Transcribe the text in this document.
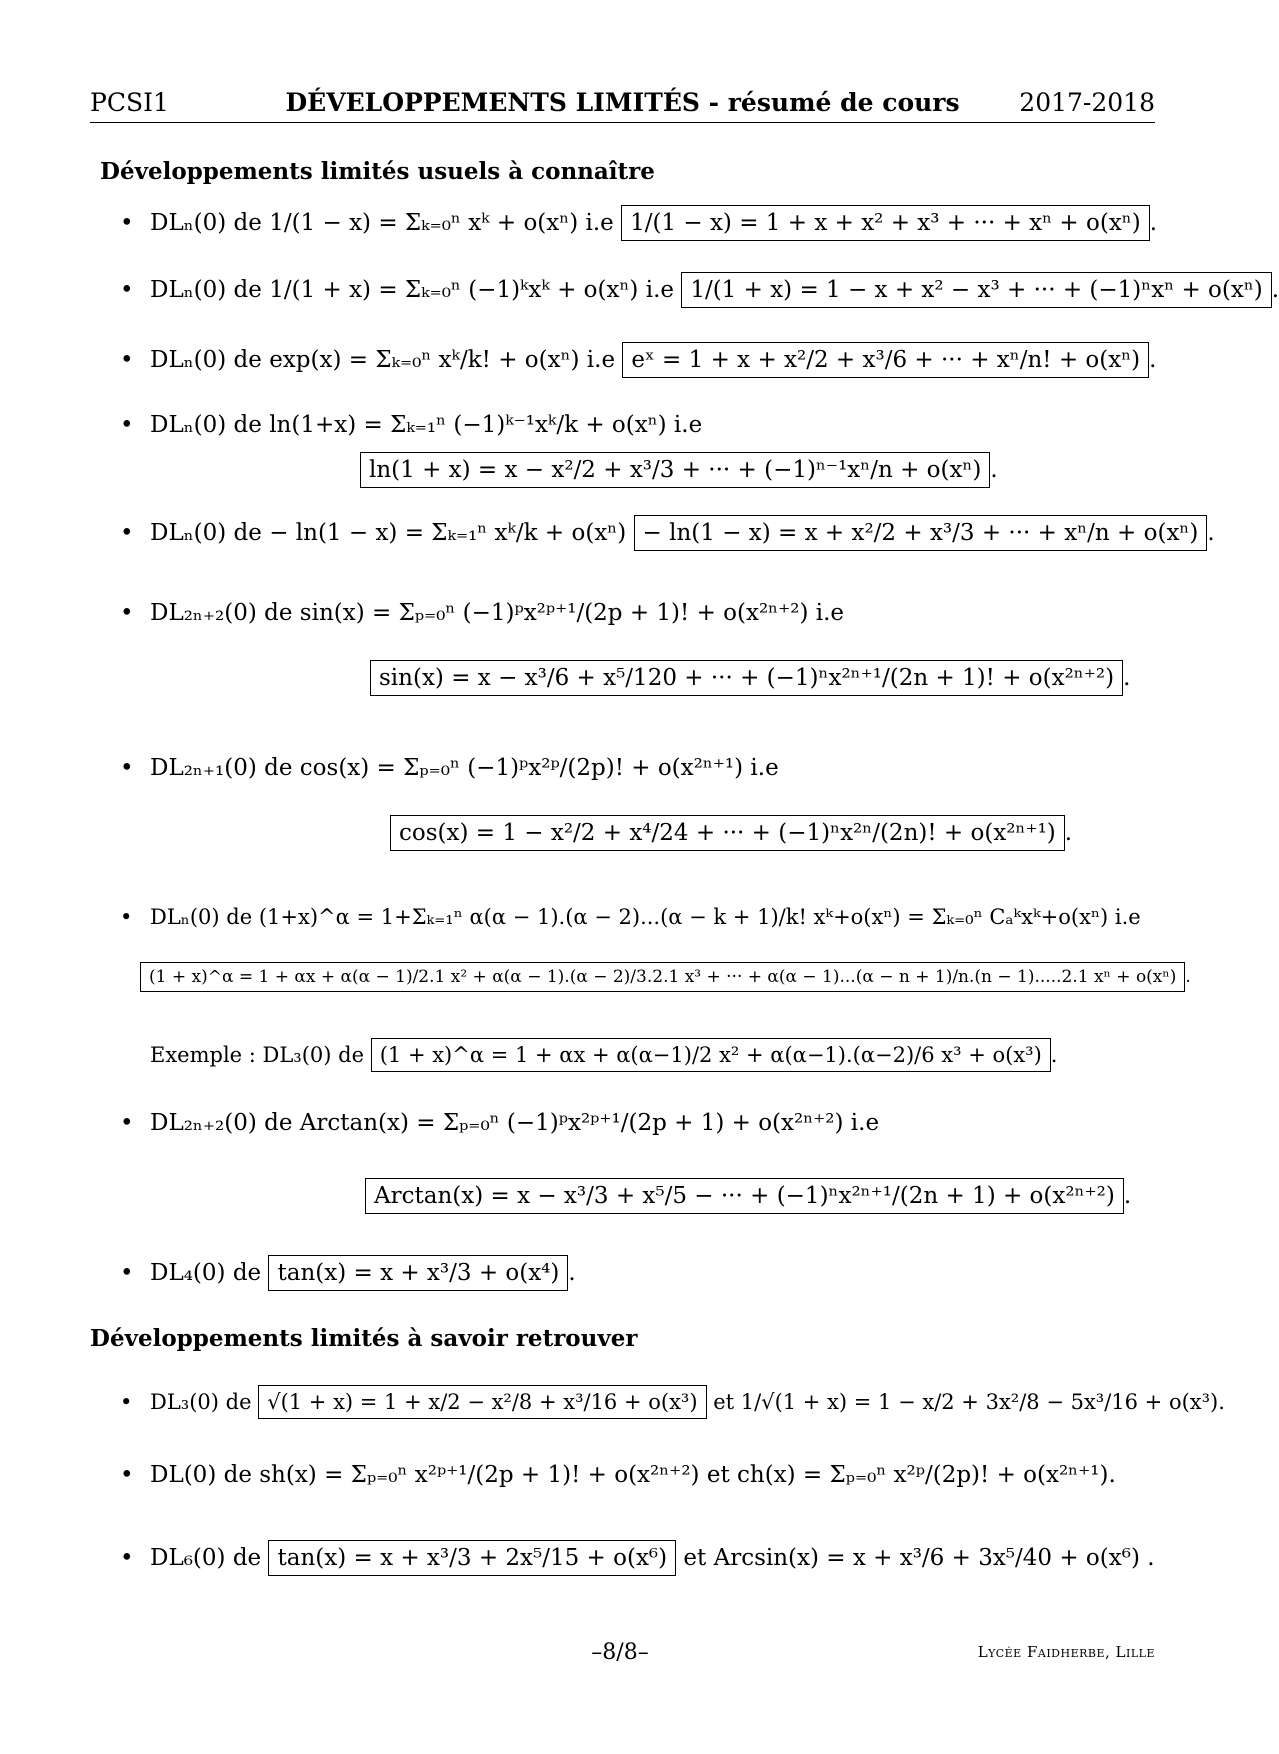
PCSI1	DÉVELOPPEMENTS LIMITÉS - résumé de cours	2017-2018
Développements limités usuels à connaître
• DLₙ(0) de 1/(1 − x) = Σₖ₌₀ⁿ xᵏ + o(xⁿ) i.e 1/(1 − x) = 1 + x + x² + x³ + ··· + xⁿ + o(xⁿ) .
• DLₙ(0) de 1/(1 + x) = Σₖ₌₀ⁿ (−1)ᵏxᵏ + o(xⁿ) i.e 1/(1 + x) = 1 − x + x² − x³ + ··· + (−1)ⁿxⁿ + o(xⁿ) .
• DLₙ(0) de exp(x) = Σₖ₌₀ⁿ xᵏ/k! + o(xⁿ) i.e eˣ = 1 + x + x²/2 + x³/6 + ··· + xⁿ/n! + o(xⁿ) .
• DLₙ(0) de ln(1+x) = Σₖ₌₁ⁿ (−1)ᵏ⁻¹xᵏ/k + o(xⁿ) i.e
ln(1 + x) = x − x²/2 + x³/3 + ··· + (−1)ⁿ⁻¹xⁿ/n + o(xⁿ) .
• DLₙ(0) de − ln(1 − x) = Σₖ₌₁ⁿ xᵏ/k + o(xⁿ) − ln(1 − x) = x + x²/2 + x³/3 + ··· + xⁿ/n + o(xⁿ) .
• DL₂ₙ₊₂(0) de sin(x) = Σₚ₌₀ⁿ (−1)ᵖx²ᵖ⁺¹/(2p + 1)! + o(x²ⁿ⁺²) i.e
sin(x) = x − x³/6 + x⁵/120 + ··· + (−1)ⁿx²ⁿ⁺¹/(2n + 1)! + o(x²ⁿ⁺²) .
• DL₂ₙ₊₁(0) de cos(x) = Σₚ₌₀ⁿ (−1)ᵖx²ᵖ/(2p)! + o(x²ⁿ⁺¹) i.e
cos(x) = 1 − x²/2 + x⁴/24 + ··· + (−1)ⁿx²ⁿ/(2n)! + o(x²ⁿ⁺¹) .
• DLₙ(0) de (1+x)^α = 1+Σₖ₌₁ⁿ α(α − 1).(α − 2)...(α − k + 1)/k! xᵏ+o(xⁿ) = Σₖ₌₀ⁿ Cₐᵏxᵏ+o(xⁿ) i.e
(1 + x)^α = 1 + αx + α(α − 1)/2.1 x² + α(α − 1).(α − 2)/3.2.1 x³ + ··· + α(α − 1)...(α − n + 1)/n.(n − 1).....2.1 xⁿ + o(xⁿ) .
Exemple : DL₃(0) de (1 + x)^α = 1 + αx + α(α−1)/2 x² + α(α−1).(α−2)/6 x³ + o(x³) .
• DL₂ₙ₊₂(0) de Arctan(x) = Σₚ₌₀ⁿ (−1)ᵖx²ᵖ⁺¹/(2p + 1) + o(x²ⁿ⁺²) i.e
Arctan(x) = x − x³/3 + x⁵/5 − ··· + (−1)ⁿx²ⁿ⁺¹/(2n + 1) + o(x²ⁿ⁺²) .
• DL₄(0) de tan(x) = x + x³/3 + o(x⁴) .
Développements limités à savoir retrouver
• DL₃(0) de √(1 + x) = 1 + x/2 − x²/8 + x³/16 + o(x³) et 1/√(1 + x) = 1 − x/2 + 3x²/8 − 5x³/16 + o(x³).
• DL(0) de sh(x) = Σₚ₌₀ⁿ x²ᵖ⁺¹/(2p + 1)! + o(x²ⁿ⁺²) et ch(x) = Σₚ₌₀ⁿ x²ᵖ/(2p)! + o(x²ⁿ⁺¹).
• DL₆(0) de tan(x) = x + x³/3 + 2x⁵/15 + o(x⁶) et Arcsin(x) = x + x³/6 + 3x⁵/40 + o(x⁶) .
–8/8–	Lycée Faidherbe, Lille
